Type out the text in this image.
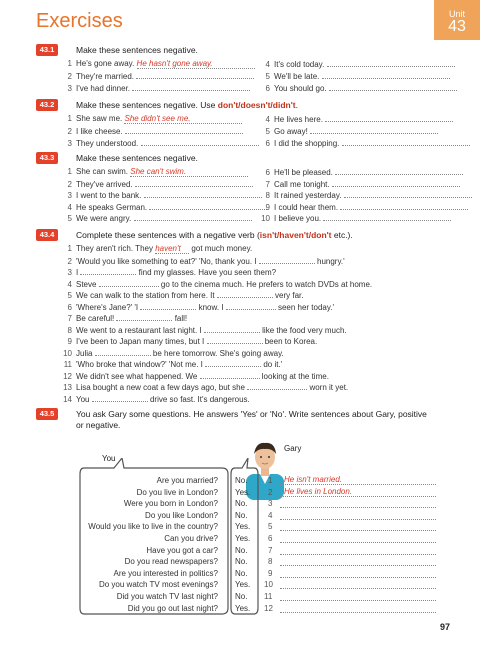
Exercises	Unit
43
43.1	Make these sentences negative.
1 He's gone away. He hasn't gone away.
2 They're married.
3 I've had dinner.
4 It's cold today.
5 We'll be late.
6 You should go.
43.2	Make these sentences negative. Use don't/doesn't/didn't.
1 She saw me. She didn't see me.
2 I like cheese.
3 They understood.
4 He lives here.
5 Go away!
6 I did the shopping.
43.3	Make these sentences negative.
1 She can swim. She can't swim.
2 They've arrived.
3 I went to the bank.
4 He speaks German.
5 We were angry.
6 He'll be pleased.
7 Call me tonight.
8 It rained yesterday.
9 I could hear them.
10 I believe you.
43.4	Complete these sentences with a negative verb (isn't/haven't/don't etc.).
1 They aren't rich. They haven't got much money.
2 'Would you like something to eat?' 'No, thank you. I	hungry.'
3 I	find my glasses. Have you seen them?
4 Steve	go to the cinema much. He prefers to watch DVDs at home.
5 We can walk to the station from here. It	very far.
6 'Where's Jane?' 'I	know. I	seen her today.'
7 Be careful!	fall!
8 We went to a restaurant last night. I	like the food very much.
9 I've been to Japan many times, but I	been to Korea.
10 Julia	be here tomorrow. She's going away.
11 'Who broke that window?' 'Not me. I	do it.'
12 We didn't see what happened. We	looking at the time.
13 Lisa bought a new coat a few days ago, but she	worn it yet.
14 You	drive so fast. It's dangerous.
43.5	You ask Gary some questions. He answers 'Yes' or 'No'. Write sentences about Gary, positive
or negative.
Gary
You
Are you married? No.	1 He isn't married.
Do you live in London? Yes. 2 He lives in London.
Were you born in London? No.	3
Do you like London? No.	4
Would you like to live in the country? Yes. 5
Can you drive? Yes. 6
Have you got a car? No.	7
Do you read newspapers? No.	8
Are you interested in politics? No.	9
Do you watch TV most evenings? Yes. 10
Did you watch TV last night? No. 11
Did you go out last night? Yes. 12
97
